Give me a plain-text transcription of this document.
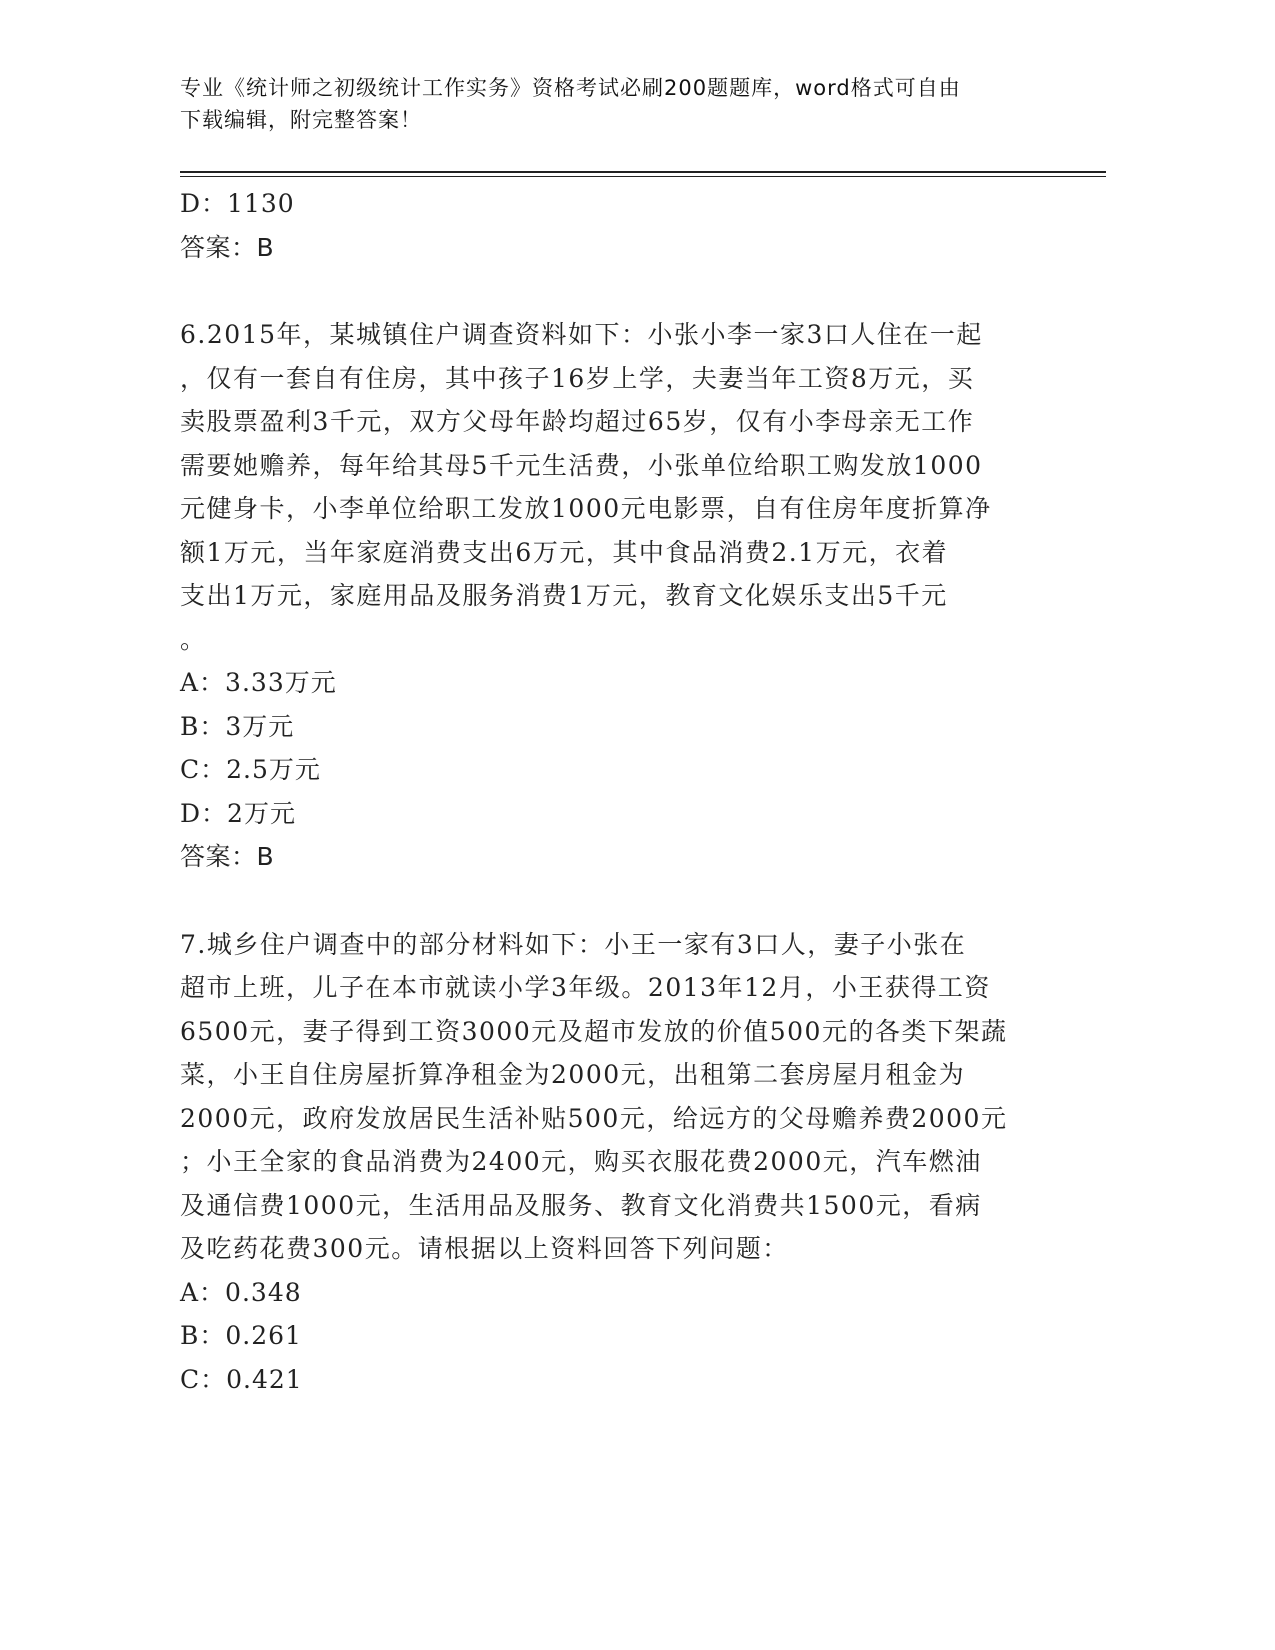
专业《统计师之初级统计工作实务》资格考试必刷200题题库，word格式可自由
下载编辑，附完整答案！
D：1130
答案：B
6.2015年，某城镇住户调查资料如下：小张小李一家3口人住在一起
，仅有一套自有住房，其中孩子16岁上学，夫妻当年工资8万元，买
卖股票盈利3千元，双方父母年龄均超过65岁，仅有小李母亲无工作
需要她赡养，每年给其母5千元生活费，小张单位给职工购发放1000
元健身卡，小李单位给职工发放1000元电影票，自有住房年度折算净
额1万元，当年家庭消费支出6万元，其中食品消费2.1万元，衣着
支出1万元，家庭用品及服务消费1万元，教育文化娱乐支出5千元
。
A：3.33万元
B：3万元
C：2.5万元
D：2万元
答案：B
7.城乡住户调查中的部分材料如下：小王一家有3口人，妻子小张在
超市上班，儿子在本市就读小学3年级。2013年12月，小王获得工资
6500元，妻子得到工资3000元及超市发放的价值500元的各类下架蔬
菜，小王自住房屋折算净租金为2000元，出租第二套房屋月租金为
2000元，政府发放居民生活补贴500元，给远方的父母赡养费2000元
；小王全家的食品消费为2400元，购买衣服花费2000元，汽车燃油
及通信费1000元，生活用品及服务、教育文化消费共1500元，看病
及吃药花费300元。请根据以上资料回答下列问题：
A：0.348
B：0.261
C：0.421
